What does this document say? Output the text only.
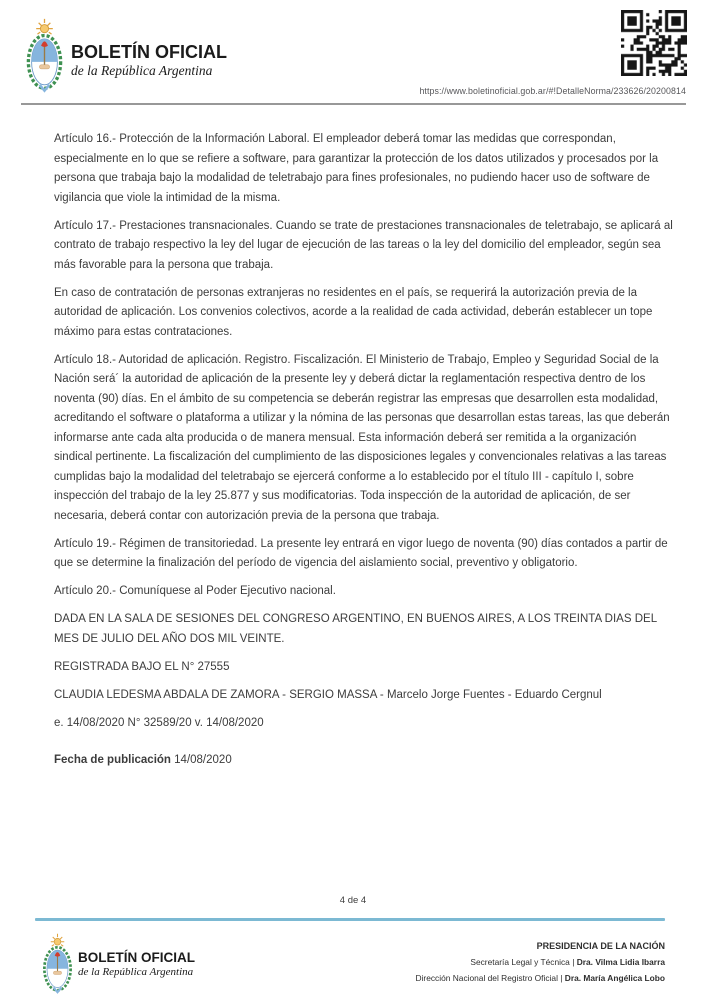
BOLETÍN OFICIAL
de la República Argentina
https://www.boletinoficial.gob.ar/#!DetalleNorma/233626/20200814

Artículo 16.- Protección de la Información Laboral. El empleador deberá tomar las medidas que correspondan, especialmente en lo que se refiere a software, para garantizar la protección de los datos utilizados y procesados por la persona que trabaja bajo la modalidad de teletrabajo para fines profesionales, no pudiendo hacer uso de software de vigilancia que viole la intimidad de la misma.

Artículo 17.- Prestaciones transnacionales. Cuando se trate de prestaciones transnacionales de teletrabajo, se aplicará al contrato de trabajo respectivo la ley del lugar de ejecución de las tareas o la ley del domicilio del empleador, según sea más favorable para la persona que trabaja.

En caso de contratación de personas extranjeras no residentes en el país, se requerirá la autorización previa de la autoridad de aplicación. Los convenios colectivos, acorde a la realidad de cada actividad, deberán establecer un tope máximo para estas contrataciones.

Artículo 18.- Autoridad de aplicación. Registro. Fiscalización. El Ministerio de Trabajo, Empleo y Seguridad Social de la Nación será´ la autoridad de aplicación de la presente ley y deberá dictar la reglamentación respectiva dentro de los noventa (90) días. En el ámbito de su competencia se deberán registrar las empresas que desarrollen esta modalidad, acreditando el software o plataforma a utilizar y la nómina de las personas que desarrollan estas tareas, las que deberán informarse ante cada alta producida o de manera mensual. Esta información deberá ser remitida a la organización sindical pertinente. La fiscalización del cumplimiento de las disposiciones legales y convencionales relativas a las tareas cumplidas bajo la modalidad del teletrabajo se ejercerá conforme a lo establecido por el título III - capítulo I, sobre inspección del trabajo de la ley 25.877 y sus modificatorias. Toda inspección de la autoridad de aplicación, de ser necesaria, deberá contar con autorización previa de la persona que trabaja.

Artículo 19.- Régimen de transitoriedad. La presente ley entrará en vigor luego de noventa (90) días contados a partir de que se determine la finalización del período de vigencia del aislamiento social, preventivo y obligatorio.

Artículo 20.- Comuníquese al Poder Ejecutivo nacional.

DADA EN LA SALA DE SESIONES DEL CONGRESO ARGENTINO, EN BUENOS AIRES, A LOS TREINTA DIAS DEL MES DE JULIO DEL AÑO DOS MIL VEINTE.

REGISTRADA BAJO EL N° 27555

CLAUDIA LEDESMA ABDALA DE ZAMORA - SERGIO MASSA - Marcelo Jorge Fuentes - Eduardo Cergnul

e. 14/08/2020 N° 32589/20 v. 14/08/2020

Fecha de publicación 14/08/2020

4 de 4
BOLETÍN OFICIAL
de la República Argentina
PRESIDENCIA DE LA NACIÓN
Secretaría Legal y Técnica | Dra. Vilma Lidia Ibarra
Dirección Nacional del Registro Oficial | Dra. María Angélica Lobo
